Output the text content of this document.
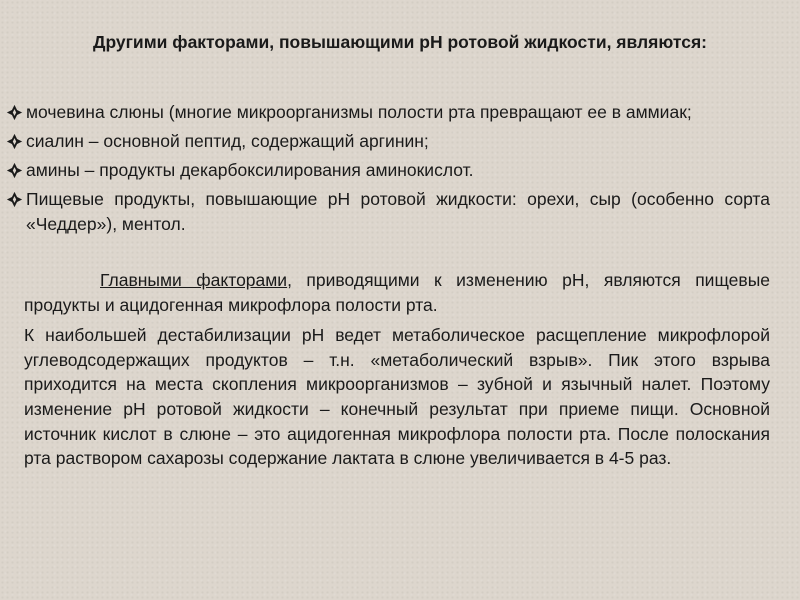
Другими факторами, повышающими pH ротовой жидкости, являются:
мочевина слюны (многие микроорганизмы полости рта превращают ее в аммиак;
сиалин – основной пептид, содержащий аргинин;
амины – продукты декарбоксилирования аминокислот.
Пищевые продукты, повышающие pH ротовой жидкости: орехи, сыр (особенно сорта «Чеддер»), ментол.

Главными факторами, приводящими к изменению pH, являются пищевые продукты и ацидогенная микрофлора полости рта.

К наибольшей дестабилизации pH ведет метаболическое расщепление микрофлорой углеводсодержащих продуктов – т.н. «метаболический взрыв». Пик этого взрыва приходится на места скопления микроорганизмов – зубной и язычный налет. Поэтому изменение pH ротовой жидкости – конечный результат при приеме пищи. Основной источник кислот в слюне – это ацидогенная микрофлора полости рта. После полоскания рта раствором сахарозы содержание лактата в слюне увеличивается в 4-5 раз.
